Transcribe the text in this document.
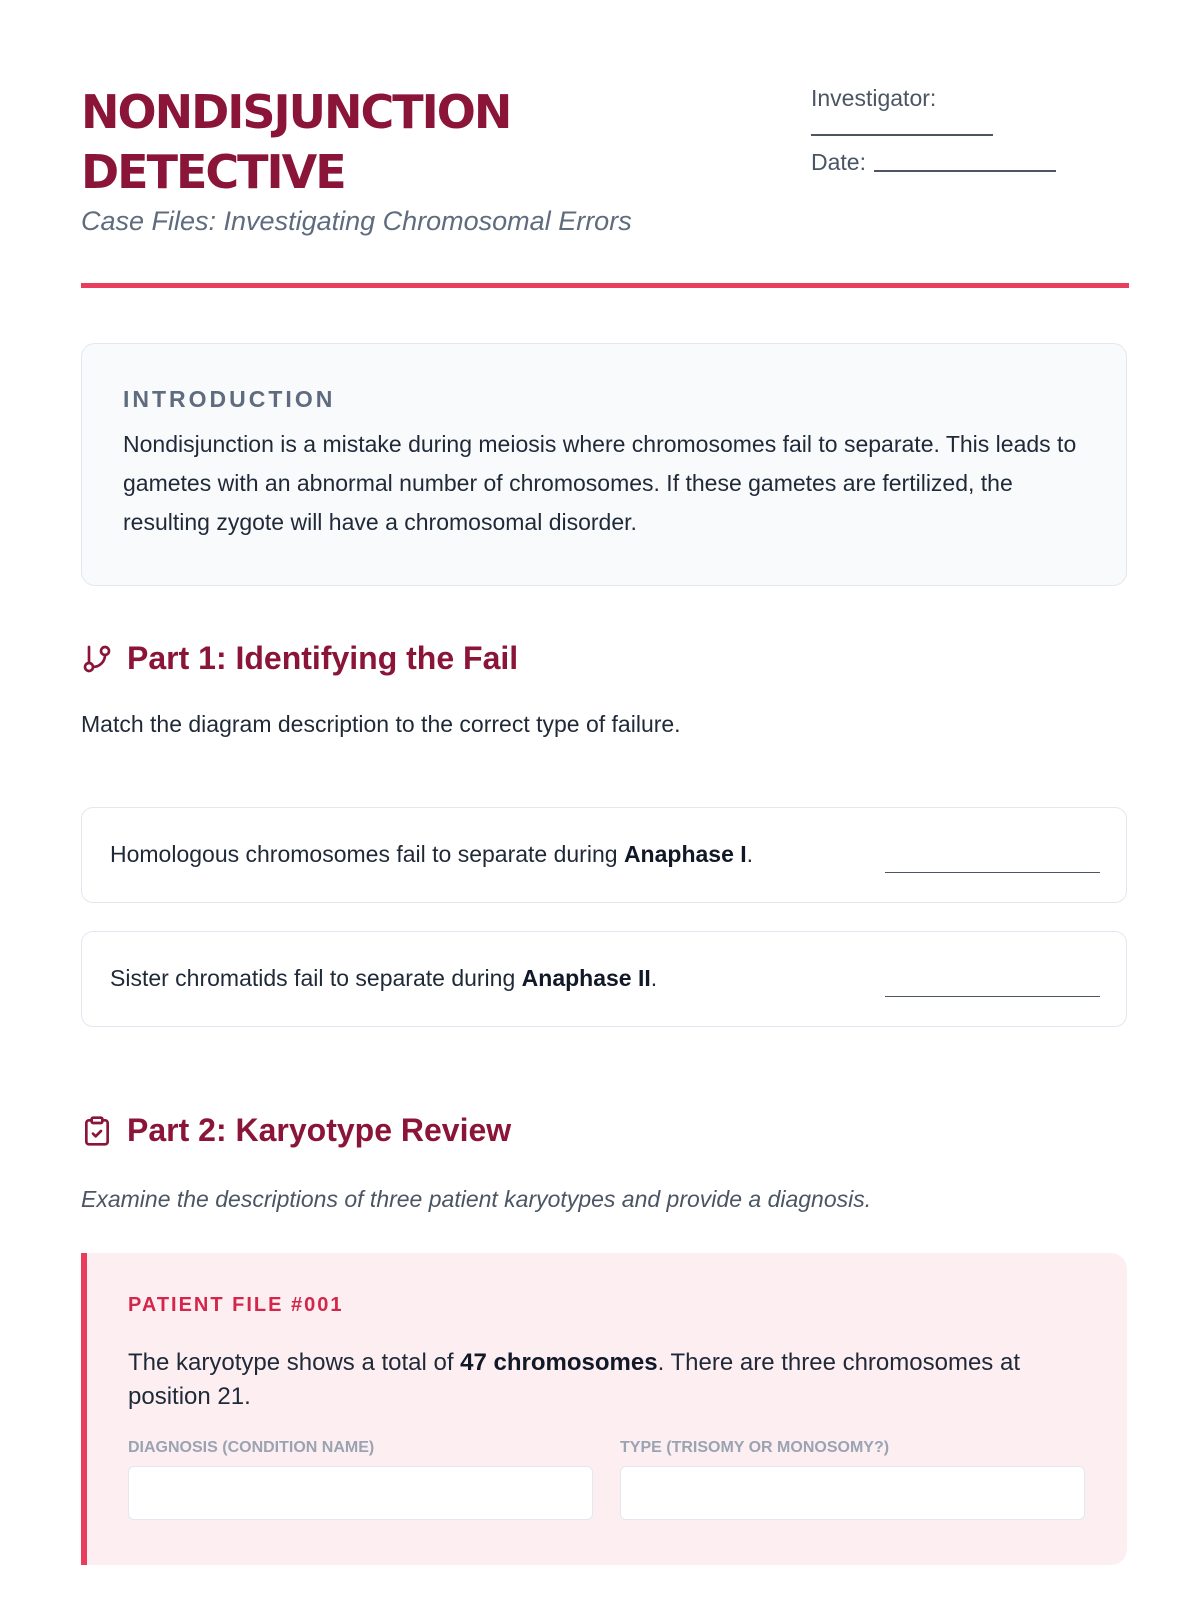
NONDISJUNCTION
DETECTIVE
Case Files: Investigating Chromosomal Errors
Investigator:
Date:
INTRODUCTION
Nondisjunction is a mistake during meiosis where chromosomes fail to separate. This leads to gametes with an abnormal number of chromosomes. If these gametes are fertilized, the resulting zygote will have a chromosomal disorder.
Part 1: Identifying the Fail
Match the diagram description to the correct type of failure.
Homologous chromosomes fail to separate during Anaphase I.
Sister chromatids fail to separate during Anaphase II.
Part 2: Karyotype Review
Examine the descriptions of three patient karyotypes and provide a diagnosis.
PATIENT FILE #001
The karyotype shows a total of 47 chromosomes. There are three chromosomes at position 21.
DIAGNOSIS (CONDITION NAME)	TYPE (TRISOMY OR MONOSOMY?)
